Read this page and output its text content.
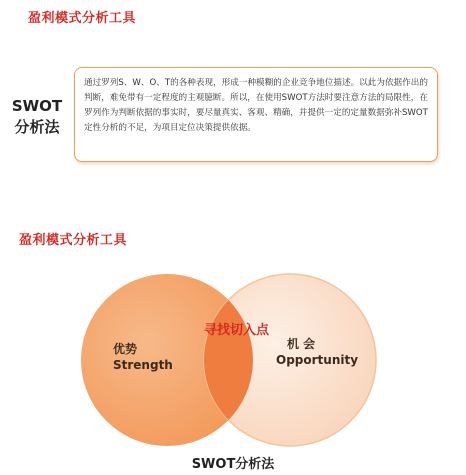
盈利模式分析工具
SWOT
分析法

通过罗列S、W、O、T的各种表现，形成一种模糊的企业竞争地位描述。以此为依据作出的判断，难免带有一定程度的主观臆断。所以，在使用SWOT方法时要注意方法的局限性，在罗列作为判断依据的事实时，要尽量真实、客观、精确，并提供一定的定量数据弥补SWOT定性分析的不足，为项目定位决策提供依据。

盈利模式分析工具
优势
Strength
机 会
Opportunity
寻找切入点
SWOT分析法
